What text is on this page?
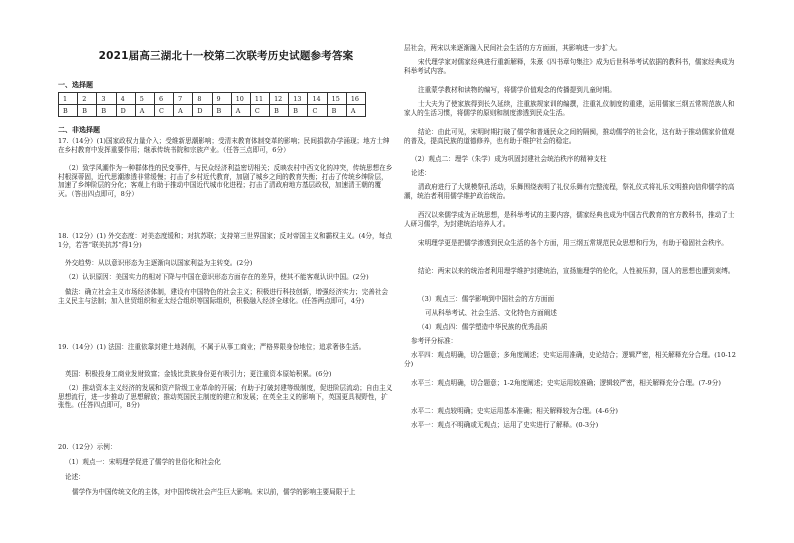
2021届高三湖北十一校第二次联考历史试题参考答案
一、选择题
1	2	3	4	5	6	7	8	9	10	11	12	13	14	15	16
B	B	B	D	A	C	A	D	B	A	C	B	B	C	B	A
二、非选择题

17.（14分）(1)国家政权力量介入；受维新思潮影响；受清末教育体制变革的影响；民间捐款办学涌现；地方士绅在乡村教育中发挥重要作用；继承传统书院和宗族产业。（任答三点即可，6分）

（2）致学风潮作为一种群体性的民变事件，与民众经济利益密切相关；反映农村中西文化的冲突，传统思想在乡村根深蒂固，近代思潮渗透非常缓慢；打击了乡村近代教育，加剧了城乡之间的教育失衡；打击了传统乡绅阶层，加速了乡绅阶层的分化；客观上有助于推动中国近代城市化进程；打击了清政府地方基层政权，加速清王朝的覆灭。（答出四点即可，8分）

18.（12分）(1) 外交态度：对美态度缓和；对抗苏联；支持第三世界国家；反对帝国主义和霸权主义。(4分，每点1分，若答“联美抗苏”得1分)

外交趋势：从以意识形态为主逐渐向以国家利益为主转变。(2分)

（2）认识原因：美国实力的相对下降与中国在意识形态方面存在的差异，使其不能客观认识中国。(2分)

做法：确立社会主义市场经济体制，建设有中国特色的社会主义；积极进行科技创新，增强经济实力；完善社会主义民主与法制；加入世贸组织和亚太经合组织等国际组织，积极融入经济全球化。(任答两点即可，4分)

19.（14分）(1) 法国：注重依靠封建土地剥削，不属于从事工商业；严格界限身份地位；追求奢侈生活。

英国：积极投身工商业发财致富；金钱比贵族身份更有吸引力；更注重资本原始积累。(6分)

（2）推动资本主义经济的发展和资产阶级工业革命的开展；有助于打破封建等级制度，促进阶层流动；自由主义思想流行，进一步推动了思想解放；推动英国民主制度的建立和发展；在英全主义的影响下，英国更具视野性，扩张性。(任答四点即可，8分)

20.（12分）示例：

（1）观点一：宋明理学促进了儒学的世俗化和社会化

论述：

儒学作为中国传统文化的主体，对中国传统社会产生巨大影响。宋以前，儒学的影响主要局限于上

层社会，两宋以来逐渐融入民间社会生活的方方面面，其影响进一步扩大。

宋代理学家对儒家经典进行重新解释，朱熹《四书章句集注》成为后世科举考试依据的教科书，儒家经典成为科举考试内容。

注重蒙学教材和读物的编写，将儒学价值观念的传播提到儿童时期。

士大夫为了使家族得到长久延续，注重族规家训的编撰，注重礼仪制度的重建，运用儒家三纲五常规范族人和家人的生活习惯，将儒学的原则和制度渗透到民众生活。

结论：由此可见，宋明时期打破了儒学和普通民众之间的隔阂，推动儒学的社会化，这有助于推动儒家价值观的普及，提高民族的道德修养，也有助于维护社会的稳定。

（2）观点二：理学（朱学）成为巩固封建社会统治秩序的精神支柱

论述：

清政府进行了大规模祭孔活动，乐舞围绕表明了礼仪乐舞有完整流程，祭礼仪式将礼乐文明推向信仰儒学的高潮，统治者利用儒学维护政治统治。

西汉以来儒学成为正统思想，是科举考试的主要内容，儒家经典也成为中国古代教育的官方教科书，推动了士人研习儒学，为封建统治培养人才。

宋明理学更是把儒学渗透到民众生活的各个方面，用三纲五常规范民众思想和行为，有助于稳固社会秩序。

结论：两宋以来的统治者利用理学维护封建统治，宣扬施理学的伦化，人性被压抑，国人的思想也遭到束缚。

（3）观点三：儒学影响到中国社会的方方面面

可从科举考试、社会生活、文化特色方面阐述

（4）观点四：儒学塑造中华民族的优秀品质

参考评分标准：

水平四：观点明确，切合题意；多角度阐述；史实运用准确，史论结合；逻辑严密，相关解释充分合理。(10-12分)

水平三：观点明确，切合题意；1-2角度阐述；史实运用较准确；逻辑较严密，相关解释充分合理。(7-9分)

水平二：观点较明确；史实运用基本准确；相关解释较为合理。(4-6分)

水平一：观点不明确或无观点；运用了史实进行了解释。(0-3分)
